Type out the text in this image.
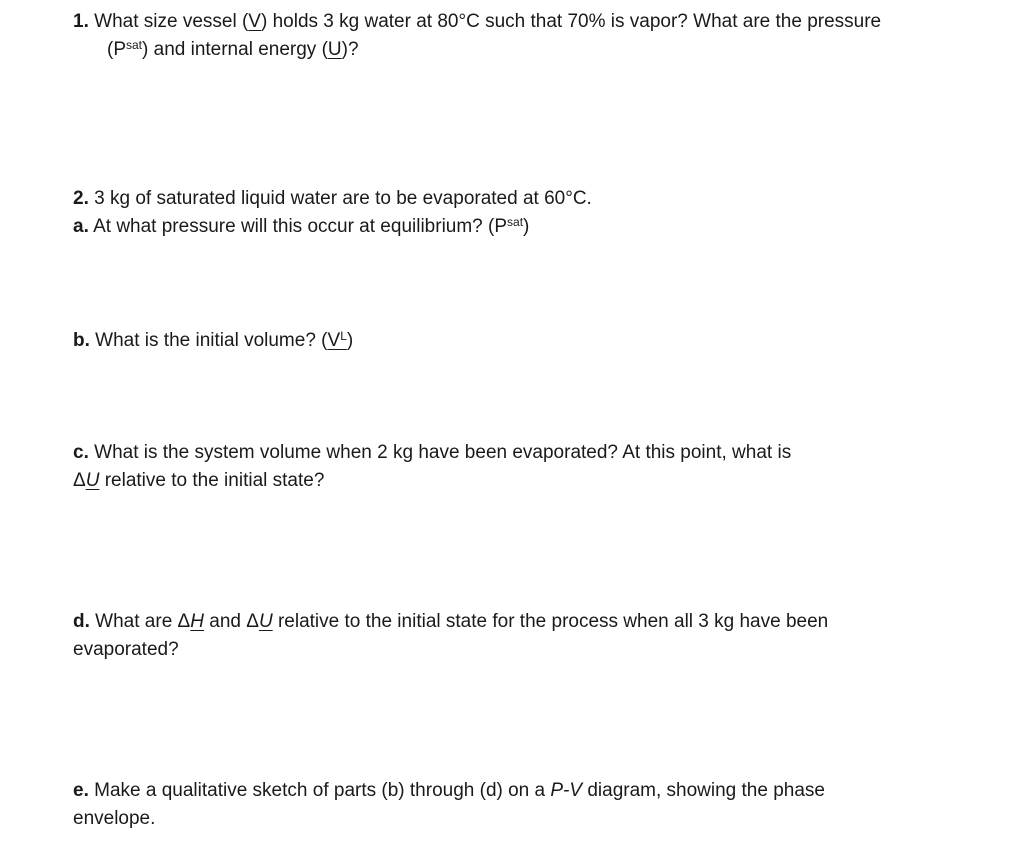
1. What size vessel (V) holds 3 kg water at 80°C such that 70% is vapor? What are the pressure
$(P^{sat})$ and internal energy (U)?
2. 3 kg of saturated liquid water are to be evaporated at 60°C.
a. At what pressure will this occur at equilibrium? $(P^{sat})$
b. What is the initial volume? $(V^L)$
c. What is the system volume when 2 kg have been evaporated? At this point, what is
ΔU relative to the initial state?
d. What are ΔH and ΔU relative to the initial state for the process when all 3 kg have been
evaporated?
e. Make a qualitative sketch of parts (b) through (d) on a P-V diagram, showing the phase
envelope.
